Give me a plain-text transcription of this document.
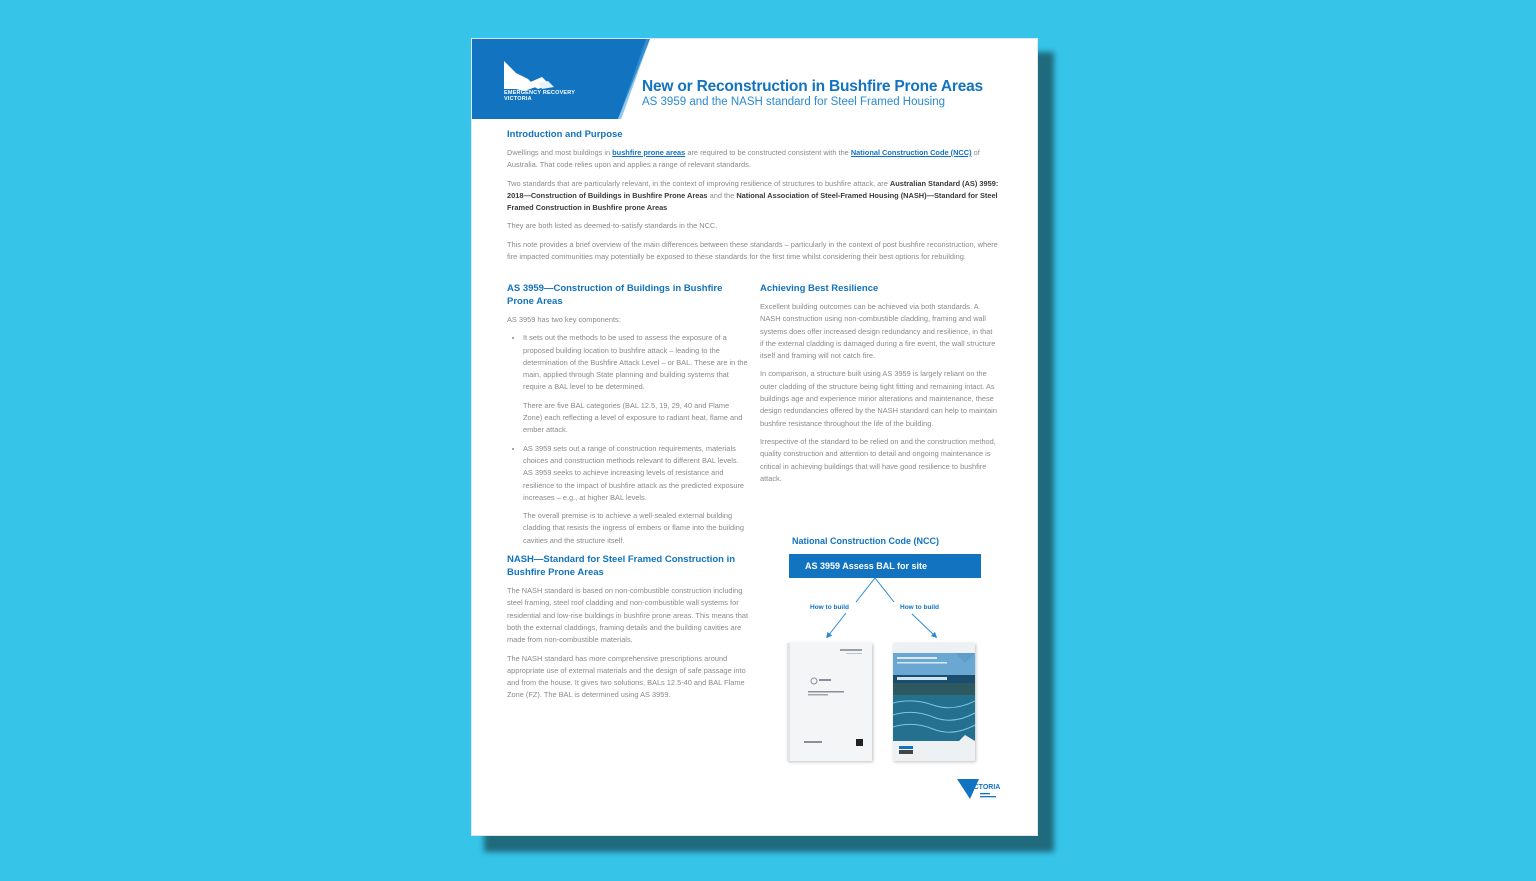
EMERGENCY RECOVERY
VICTORIA
New or Reconstruction in Bushfire Prone Areas
AS 3959 and the NASH standard for Steel Framed Housing
Introduction and Purpose

Dwellings and most buildings in bushfire prone areas are required to be constructed consistent with the National Construction Code (NCC) of Australia. That code relies upon and applies a range of relevant standards.

Two standards that are particularly relevant, in the context of improving resilience of structures to bushfire attack, are Australian Standard (AS) 3959: 2018—Construction of Buildings in Bushfire Prone Areas and the National Association of Steel-Framed Housing (NASH)—Standard for Steel Framed Construction in Bushfire prone Areas

They are both listed as deemed-to-satisfy standards in the NCC.

This note provides a brief overview of the main differences between these standards – particularly in the context of post bushfire reconstruction, where fire impacted communities may potentially be exposed to these standards for the first time whilst considering their best options for rebuilding.

AS 3959—Construction of Buildings in Bushfire Prone Areas

AS 3959 has two key components:

• It sets out the methods to be used to assess the exposure of a proposed building location to bushfire attack – leading to the determination of the Bushfire Attack Level – or BAL. These are in the main, applied through State planning and building systems that require a BAL level to be determined.

There are five BAL categories (BAL 12.5, 19, 29, 40 and Flame Zone) each reflecting a level of exposure to radiant heat, flame and ember attack.

• AS 3959 sets out a range of construction requirements, materials choices and construction methods relevant to different BAL levels. AS 3959 seeks to achieve increasing levels of resistance and resilience to the impact of bushfire attack as the predicted exposure increases – e.g., at higher BAL levels.

The overall premise is to achieve a well-sealed external building cladding that resists the ingress of embers or flame into the building cavities and the structure itself.

NASH—Standard for Steel Framed Construction in Bushfire Prone Areas

The NASH standard is based on non-combustible construction including steel framing, steel roof cladding and non-combustible wall systems for residential and low-rise buildings in bushfire prone areas. This means that both the external claddings, framing details and the building cavities are made from non-combustible materials.

The NASH standard has more comprehensive prescriptions around appropriate use of external materials and the design of safe passage into and from the house. It gives two solutions, BALs 12.5-40 and BAL Flame Zone (FZ). The BAL is determined using AS 3959.

Achieving Best Resilience

Excellent building outcomes can be achieved via both standards. A NASH construction using non-combustible cladding, framing and wall systems does offer increased design redundancy and resilience, in that if the external cladding is damaged during a fire event, the wall structure itself and framing will not catch fire.

In comparison, a structure built using AS 3959 is largely reliant on the outer cladding of the structure being tight fitting and remaining intact. As buildings age and experience minor alterations and maintenance, these design redundancies offered by the NASH standard can help to maintain bushfire resistance throughout the life of the building.

Irrespective of the standard to be relied on and the construction method, quality construction and attention to detail and ongoing maintenance is critical in achieving buildings that will have good resilience to bushfire attack.

National Construction Code (NCC)
AS 3959 Assess BAL for site
How to build	How to build
VICTORIA
